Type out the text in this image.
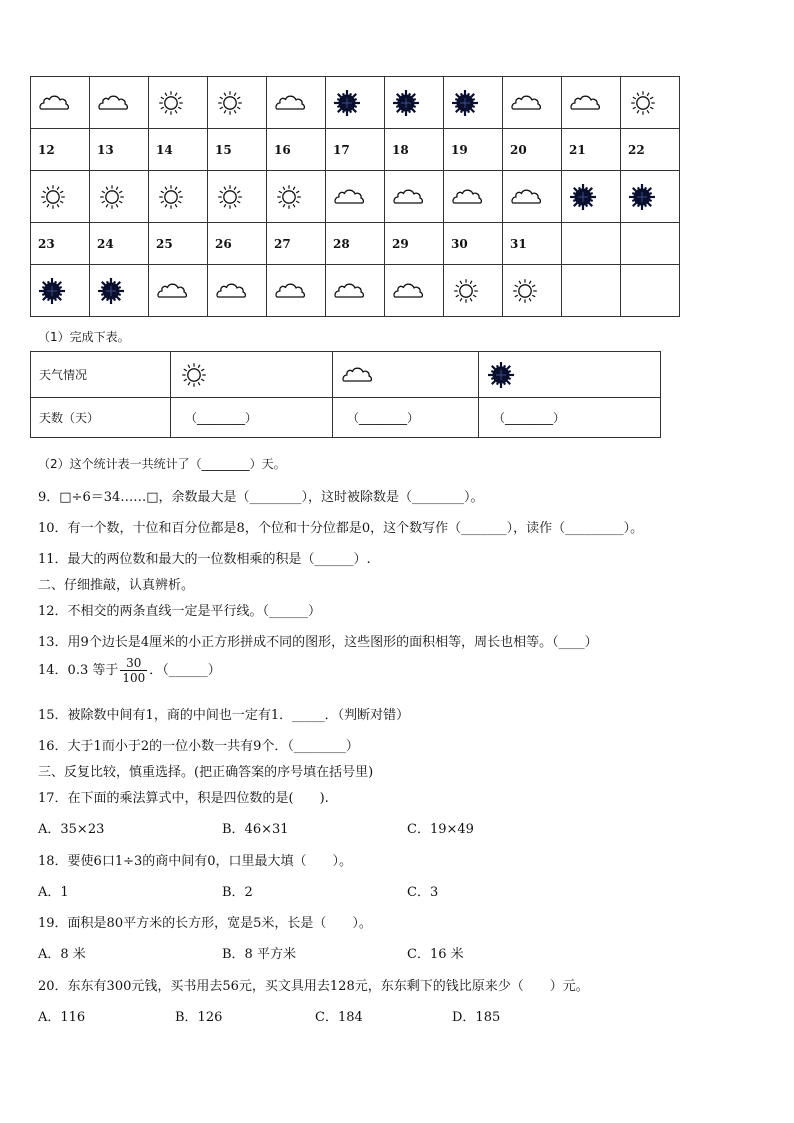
12	13	14	15	16	17	18	19	20	21	22

23	24	25	26	27	28	29	30	31		

（1）完成下表。
天气情况	

天数（天）	（________）	（________）	（________）
（2）这个统计表一共统计了（________）天。
9．□÷6＝34……□，余数最大是（________），这时被除数是（________）。
10．有一个数，十位和百分位都是8，个位和十分位都是0，这个数写作（_______），读作（_________）。
11．最大的两位数和最大的一位数相乘的积是（______）.
二、仔细推敲，认真辨析。
12．不相交的两条直线一定是平行线。（______）
13．用9个边长是4厘米的小正方形拼成不同的图形，这些图形的面积相等，周长也相等。（____）
14．0.3 等于 $\frac{30}{100}$ ．（______）
15．被除数中间有1，商的中间也一定有1．_____．（判断对错）
16．大于1而小于2的一位小数一共有9个．（________）
三、反复比较，慎重选择。(把正确答案的序号填在括号里)
17．在下面的乘法算式中，积是四位数的是(　　).
A．35×23	B．46×31	C．19×49
18．要使6口1÷3的商中间有0，口里最大填（　　）。
A．1	B．2	C．3
19．面积是80平方米的长方形，宽是5米，长是（　　）。
A．8 米	B．8 平方米	C．16 米
20．东东有300元钱，买书用去56元，买文具用去128元，东东剩下的钱比原来少（　　）元。
A．116	B．126	C．184	D．185
